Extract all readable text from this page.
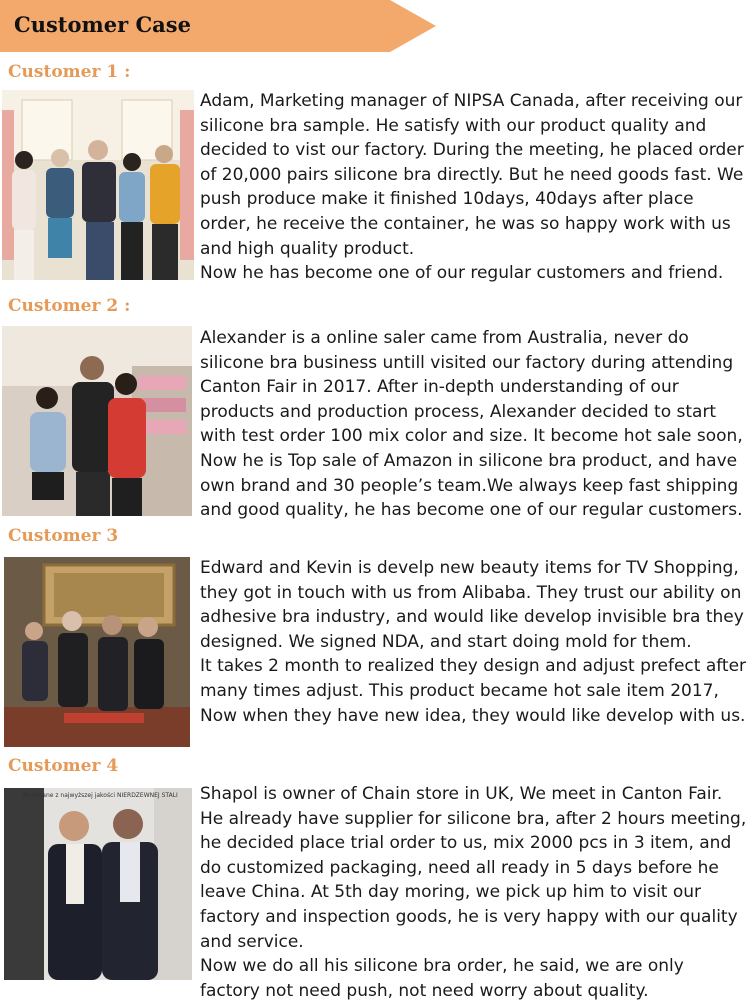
Customer Case
Customer 1 :

Adam, Marketing manager of NIPSA Canada, after receiving our silicone bra sample. He satisfy with our product quality and decided to vist our factory. During the meeting, he placed order of 20,000 pairs silicone bra directly. But he need goods fast. We push produce make it finished 10days, 40days after place order, he receive the container, he was so happy work with us and high quality product.

Now he has become one of our regular customers and friend.

Customer 2 :

Alexander is a online saler came from Australia, never do silicone bra business untill visited our factory during attending Canton Fair in 2017. After in-depth understanding of our products and production process, Alexander decided to start with test order 100 mix color and size. It become hot sale soon, Now he is Top sale of Amazon in silicone bra product, and have own brand and 30 people’s team.We always keep fast shipping and good quality, he has become one of our regular customers.

Customer 3

Edward and Kevin is develp new beauty items for TV Shopping, they got in touch with us from Alibaba. They trust our ability on adhesive bra industry, and would like develop invisible bra they designed. We signed NDA, and start doing mold for them.

It takes 2 month to realized they design and adjust prefect after many times adjust. This product became hot sale item 2017, Now when they have new idea, they would like develop with us.

Customer 4
Wykonane z najwyższej jakości NIERDZEWNEJ STALI Shapol is owner of Chain store in UK, We meet in Canton Fair. He already have supplier for silicone bra, after 2 hours meeting, he decided place trial order to us, mix 2000 pcs in 3 item, and do customized packaging, need all ready in 5 days before he leave China. At 5th day moring, we pick up him to visit our factory and inspection goods, he is very happy with our quality and service.

Now we do all his silicone bra order, he said, we are only factory not need push, not need worry about quality.
